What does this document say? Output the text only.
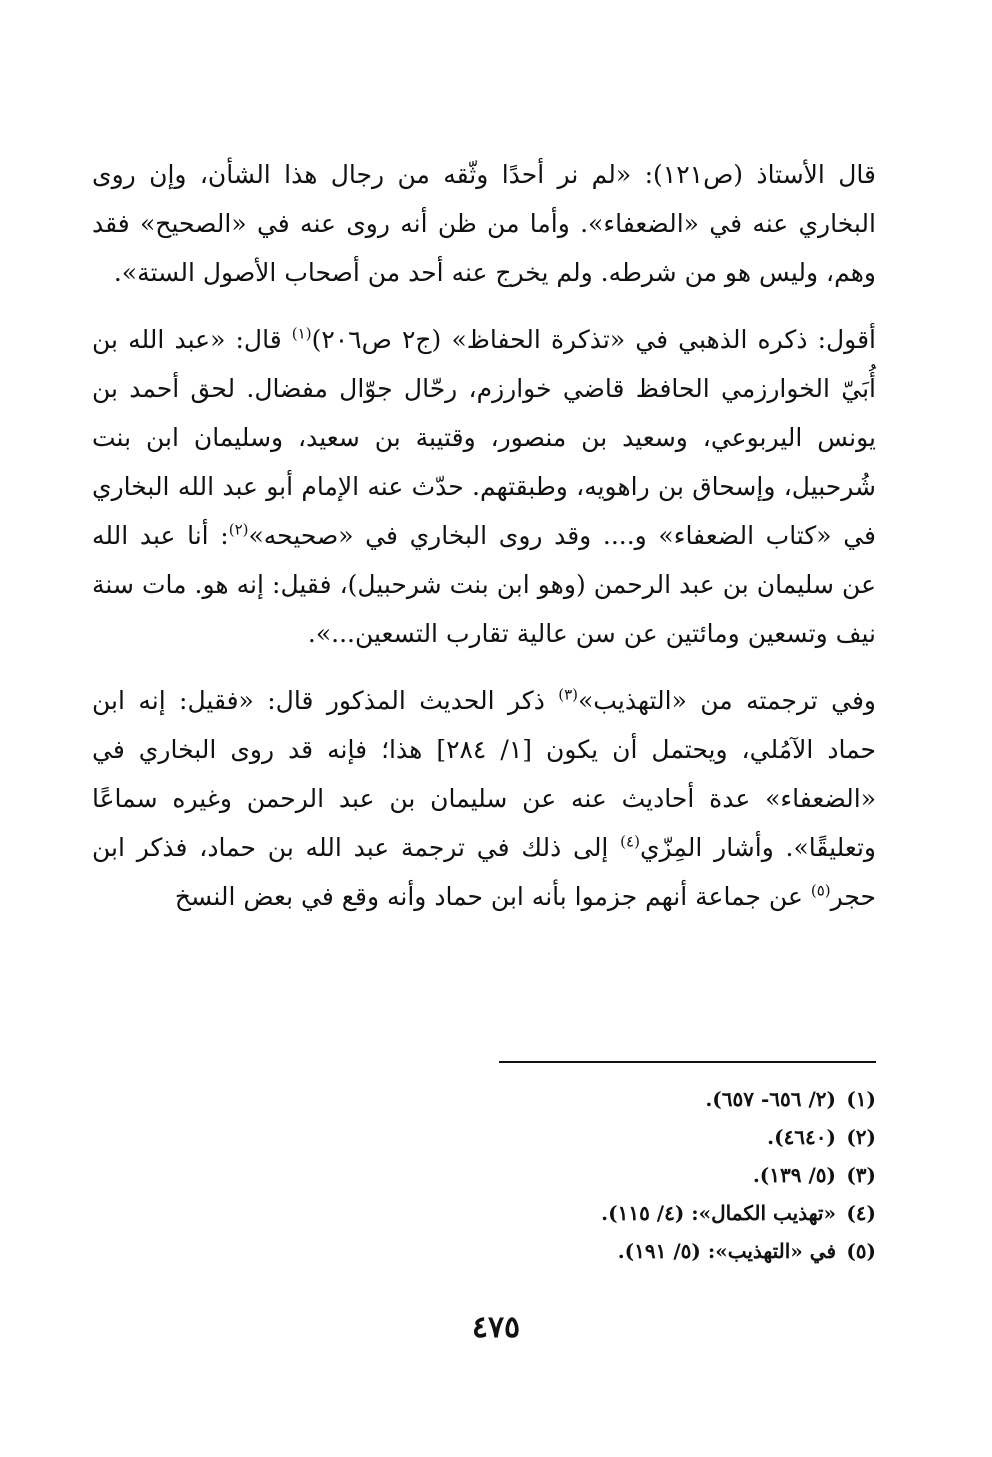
قال الأستاذ (ص١٢١): «لم نر أحدًا وثّقه من رجال هذا الشأن، وإن روى البخاري عنه في «الضعفاء». وأما من ظن أنه روى عنه في «الصحيح» فقد وهم، وليس هو من شرطه. ولم يخرج عنه أحد من أصحاب الأصول الستة».

أقول: ذكره الذهبي في «تذكرة الحفاظ» (ج٢ ص٢٠٦)$^{(١)}$ قال: «عبد الله بن أُبَيّ الخوارزمي الحافظ قاضي خوارزم، رحّال جوّال مفضال. لحق أحمد بن يونس اليربوعي، وسعيد بن منصور، وقتيبة بن سعيد، وسليمان ابن بنت شُرحبيل، وإسحاق بن راهويه، وطبقتهم. حدّث عنه الإمام أبو عبد الله البخاري في «كتاب الضعفاء» و.... وقد روى البخاري في «صحيحه»$^{(٢)}$: أنا عبد الله عن سليمان بن عبد الرحمن (وهو ابن بنت شرحبيل)، فقيل: إنه هو. مات سنة نيف وتسعين ومائتين عن سن عالية تقارب التسعين...».

وفي ترجمته من «التهذيب»$^{(٣)}$ ذكر الحديث المذكور قال: «فقيل: إنه ابن حماد الآمُلي، ويحتمل أن يكون [١/ ٢٨٤] هذا؛ فإنه قد روى البخاري في «الضعفاء» عدة أحاديث عنه عن سليمان بن عبد الرحمن وغيره سماعًا وتعليقًا». وأشار المِزّي$^{(٤)}$ إلى ذلك في ترجمة عبد الله بن حماد، فذكر ابن حجر$^{(٥)}$ عن جماعة أنهم جزموا بأنه ابن حماد وأنه وقع في بعض النسخ

(١)(٢/ ٦٥٦- ٦٥٧).
(٢)(٤٦٤٠).
(٣)(٥/ ١٣٩).
(٤)«تهذيب الكمال»: (٤/ ١١٥).
(٥)في «التهذيب»: (٥/ ١٩١).
٤٧٥
